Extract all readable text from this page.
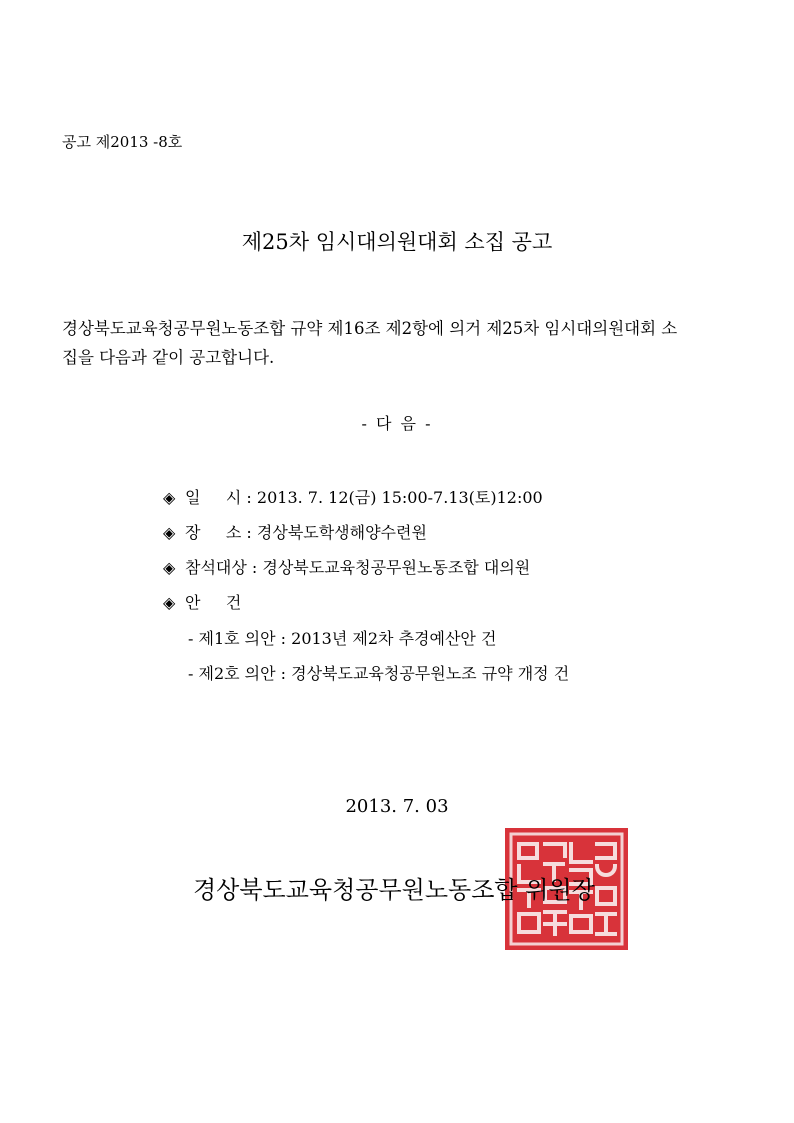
공고 제2013 -8호
제25차 임시대의원대회 소집 공고
경상북도교육청공무원노동조합 규약 제16조 제2항에 의거 제25차 임시대의원대회 소
집을 다음과 같이 공고합니다.
- 다 음 -
◈ 일     시 : 2013. 7. 12(금) 15:00-7.13(토)12:00
◈ 장     소 : 경상북도학생해양수련원
◈ 참석대상 : 경상북도교육청공무원노동조합 대의원
◈ 안     건
- 제1호 의안 : 2013년 제2차 추경예산안 건
- 제2호 의안 : 경상북도교육청공무원노조 규약 개정 건
2013. 7. 03
경상북도교육청공무원노동조합 위원장
